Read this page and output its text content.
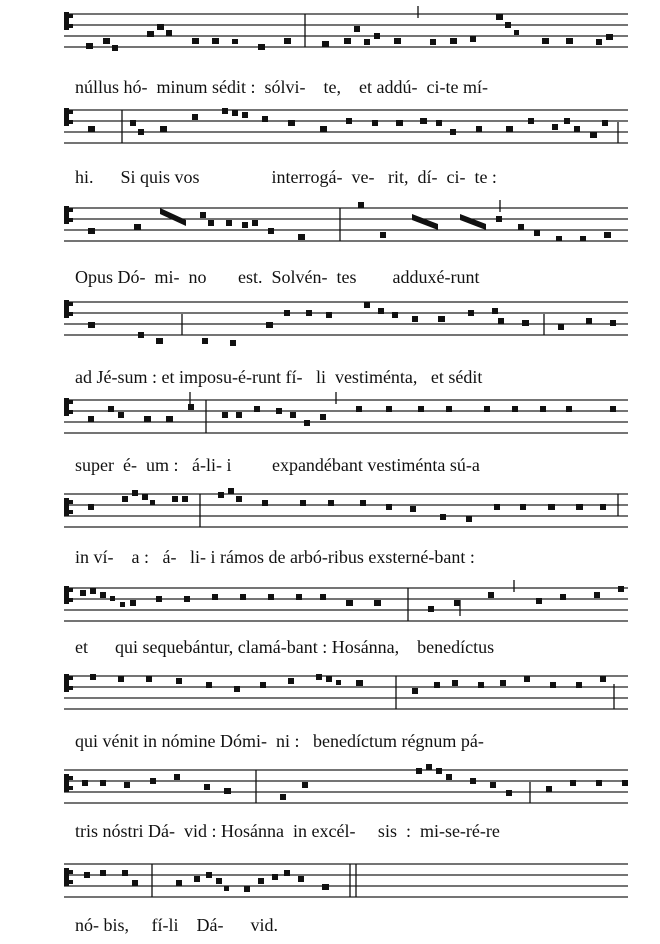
núllus hó-  minum sédit :  sólvi-    te,    et addú-  ci-te mí-
hi.      Si quis vos                interrogá-  ve-   rit,  dí-  ci-  te :
Opus Dó-  mi-  no       est.  Solvén-  tes        adduxé-runt
ad Jé-sum : et imposu-é-runt fí-   li  vestiménta,   et sédit
super  é-  um :   á-li- i         expandébant vestiménta sú-a
in ví-    a :   á-   li- i rámos de arbó-ribus exsterné-bant :
et      qui sequebántur, clamá-bant : Hosánna,    benedíctus
qui vénit in nómine Dómi-  ni :   benedíctum régnum pá-
tris nóstri Dá-  vid : Hosánna  in excél-     sis  :  mi-se-ré-re
nó- bis,     fí-li    Dá-      vid.
